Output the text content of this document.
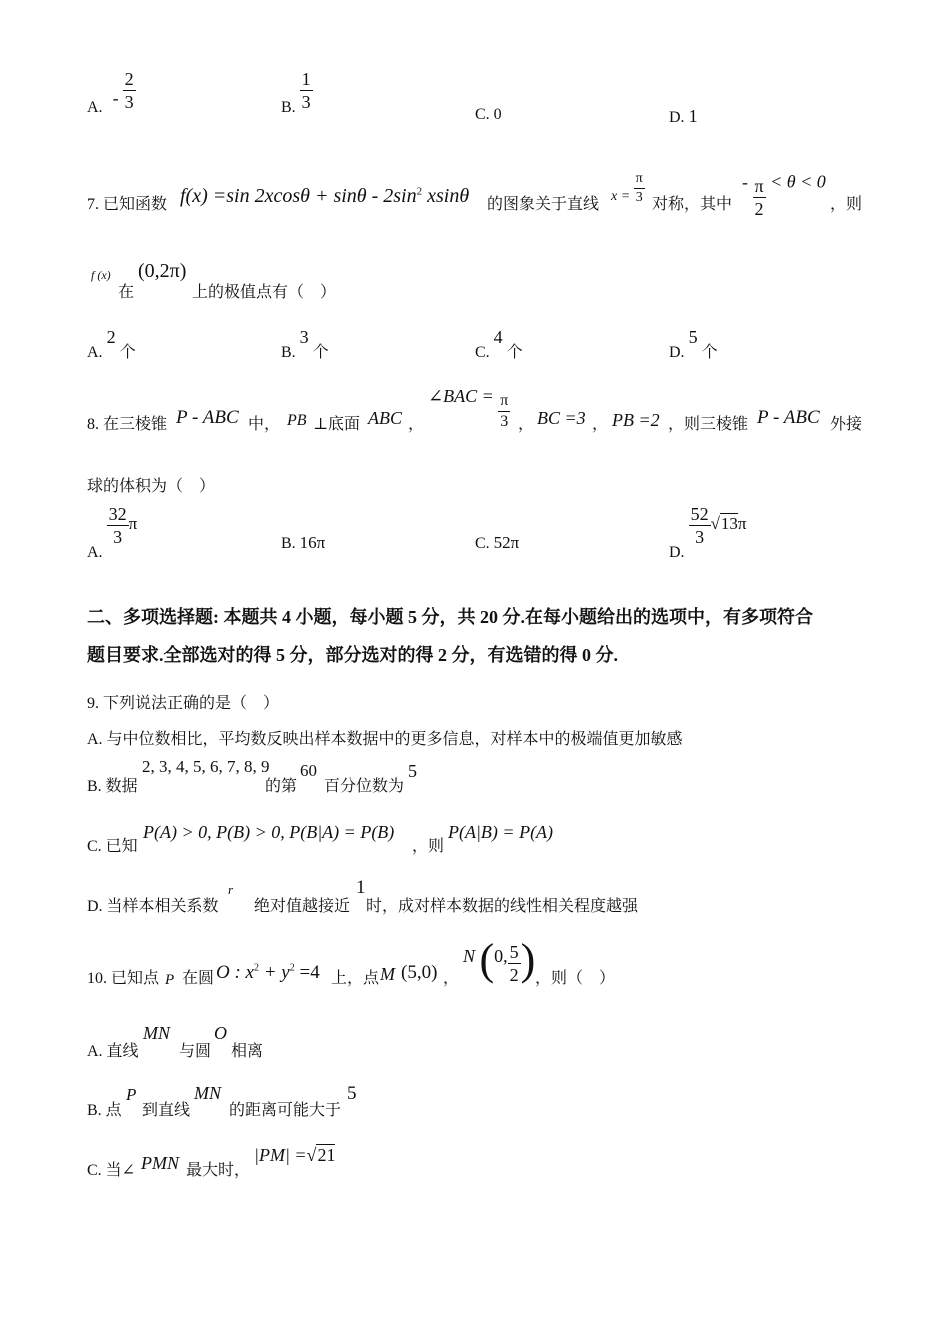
A. - $\frac{2}{3}$	B. $\frac{1}{3}$
C. 0	D. 1
7. 已知函数 f(x) =sin $2xcos\theta + \sin\theta - 2\sin^2$ xsinθ 的图象关于直线 $x = \frac{\pi}{3}$ 对称，其中
- $\frac{\pi}{2} < \theta < 0$
，则
f (x)
在
(0,2π)
上的极值点有（　）
A.2个	B.3个	C.4个	D.5个
8. 在三棱锥 P - ABC 中， PB ⊥底面 ABC ，
∠BAC = $\frac{\pi}{3}$ ， BC =3 ， PB =2 ，则三棱锥 P - ABC 外接
球的体积为（　）
A.
$\frac{32}{3}$ π
B. 16π	C. 52π
D.
$\frac{52}{3} √13\pi$
二、多项选择题: 本题共 4 小题，每小题 5 分，共 20 分.在每小题给出的选项中，有多项符合
题目要求.全部选对的得 5 分，部分选对的得 2 分，有选错的得 0 分.
9. 下列说法正确的是（　）
A. 与中位数相比，平均数反映出样本数据中的更多信息，对样本中的极端值更加敏感
B. 数据
2, 3, 4, 5, 6, 7, 8, 9
的第
60
百分位数为
5
C. 已知
P(A) > 0, P(B) > 0, P(B|A) = P(B)
，则
P(A|B) = P(A)
D. 当样本相关系数
r
绝对值越接近
1
时，成对样本数据的线性相关程度越强
10. 已知点 P 在圆 O : $x^2 + y^2 =4$ 上，点 M (5,0) ，
N (0, $\frac{5}{2}$ ) ，则（　）
A. 直线
MN
与圆
O
相离
B. 点
P
到直线
MN
的距离可能大于
5
C. 当∠ PMN 最大时，
|PM| =√21
